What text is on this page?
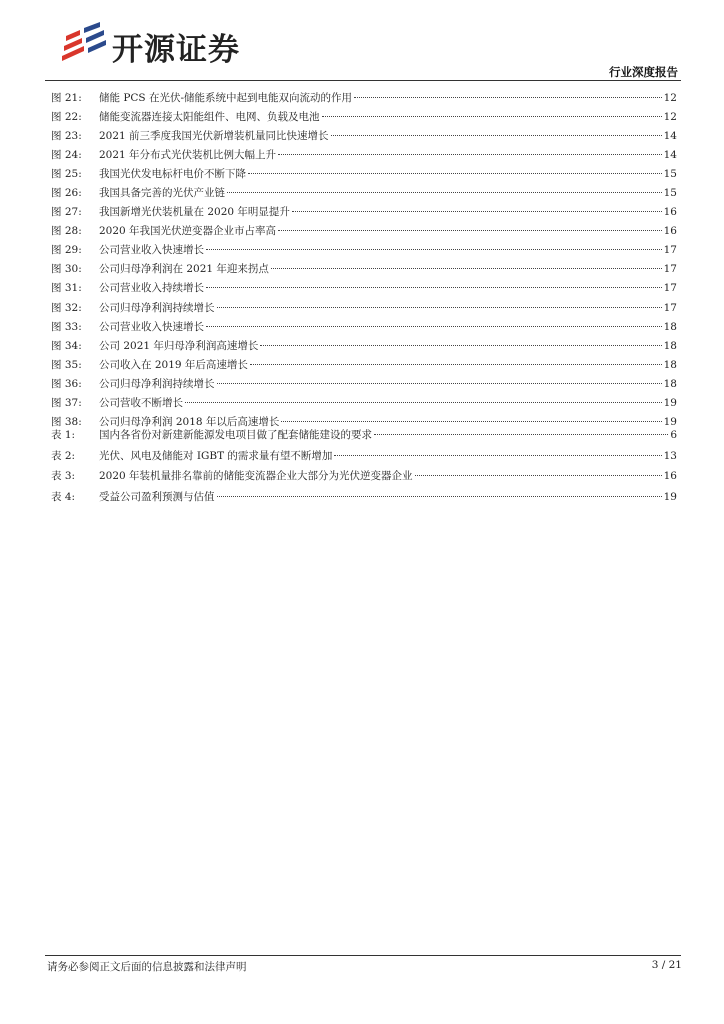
开源证券
行业深度报告
图 21:	储能 PCS 在光伏-储能系统中起到电能双向流动的作用	12
图 22:	储能变流器连接太阳能组件、电网、负载及电池	12
图 23:	2021 前三季度我国光伏新增装机量同比快速增长	14
图 24:	2021 年分布式光伏装机比例大幅上升	14
图 25:	我国光伏发电标杆电价不断下降	15
图 26:	我国具备完善的光伏产业链	15
图 27:	我国新增光伏装机量在 2020 年明显提升	16
图 28:	2020 年我国光伏逆变器企业市占率高	16
图 29:	公司营业收入快速增长	17
图 30:	公司归母净利润在 2021 年迎来拐点	17
图 31:	公司营业收入持续增长	17
图 32:	公司归母净利润持续增长	17
图 33:	公司营业收入快速增长	18
图 34:	公司 2021 年归母净利润高速增长	18
图 35:	公司收入在 2019 年后高速增长	18
图 36:	公司归母净利润持续增长	18
图 37:	公司营收不断增长	19
图 38:	公司归母净利润 2018 年以后高速增长	19
表 1:	国内各省份对新建新能源发电项目做了配套储能建设的要求	6
表 2:	光伏、风电及储能对 IGBT 的需求量有望不断增加	13
表 3:	2020 年装机量排名靠前的储能变流器企业大部分为光伏逆变器企业	16
表 4:	受益公司盈利预测与估值	19
请务必参阅正文后面的信息披露和法律声明	3 / 21
